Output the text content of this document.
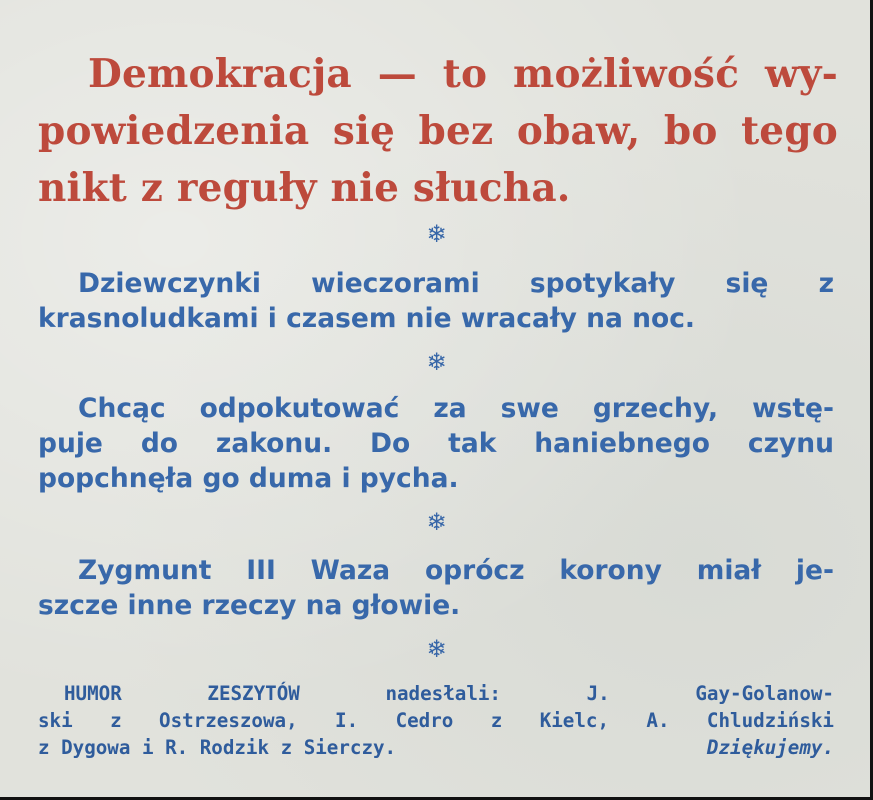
Demokracja — to możliwość wy-
powiedzenia się bez obaw, bo tego
nikt z reguły nie słucha.
❄

Dziewczynki wieczorami spotykały się z
krasnoludkami i czasem nie wracały na noc.

❄

Chcąc odpokutować za swe grzechy, wstę-
puje do zakonu. Do tak haniebnego czynu
popchnęła go duma i pycha.

❄

Zygmunt III Waza oprócz korony miał je-
szcze inne rzeczy na głowie.

❄
HUMOR ZESZYTÓW nadesłali: J. Gay-Golanow-
ski z Ostrzeszowa, I. Cedro z Kielc, A. Chludziński
z Dygowa i R. Rodzik z Sierczy.	Dziękujemy.
